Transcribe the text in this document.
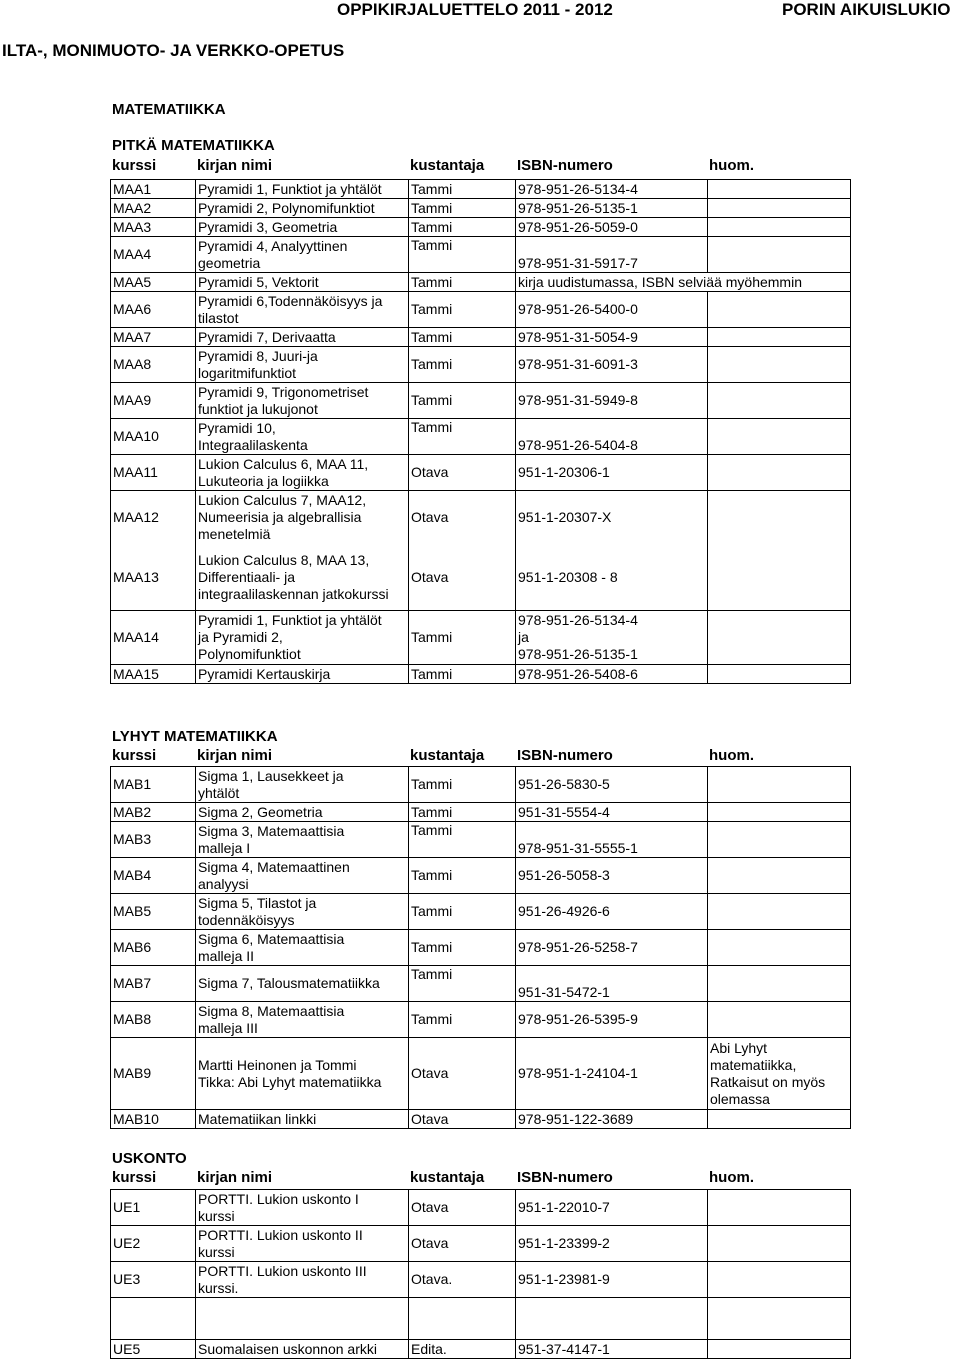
OPPIKIRJALUETTELO 2011 - 2012	PORIN AIKUISLUKIO
ILTA-, MONIMUOTO- JA VERKKO-OPETUS
MATEMATIIKKA
PITKÄ MATEMATIIKKA
kurssi	kirjan nimi	kustantaja ISBN-numero	huom.
MAA1	Pyramidi 1, Funktiot ja yhtälöt	Tammi	978-951-26-5134-4	
MAA2	Pyramidi 2, Polynomifunktiot	Tammi	978-951-26-5135-1	
MAA3	Pyramidi 3, Geometria	Tammi	978-951-26-5059-0	
MAA4	Pyramidi 4, Analyyttinen
geometria	Tammi	978-951-31-5917-7	
MAA5	Pyramidi 5, Vektorit	Tammi	kirja uudistumassa, ISBN selviää myöhemmin	
MAA6	Pyramidi 6,Todennäköisyys ja
tilastot	Tammi	978-951-26-5400-0	
MAA7	Pyramidi 7, Derivaatta	Tammi	978-951-31-5054-9	
MAA8	Pyramidi 8, Juuri-ja
logaritmifunktiot	Tammi	978-951-31-6091-3	
MAA9	Pyramidi 9, Trigonometriset
funktiot ja lukujonot	Tammi	978-951-31-5949-8	
MAA10	Pyramidi 10,
Integraalilaskenta	Tammi	978-951-26-5404-8	
MAA11	Lukion Calculus 6, MAA 11,
Lukuteoria ja logiikka	Otava	951-1-20306-1	
MAA12	Lukion Calculus 7, MAA12,
Numeerisia ja algebrallisia
menetelmiä	Otava	951-1-20307-X	
MAA13	Lukion Calculus 8, MAA 13,
Differentiaali- ja
integraalilaskennan jatkokurssi	Otava	951-1-20308 - 8	
MAA14	Pyramidi 1, Funktiot ja yhtälöt
ja Pyramidi 2,
Polynomifunktiot	Tammi	978-951-26-5134-4
ja
978-951-26-5135-1	
MAA15	Pyramidi Kertauskirja	Tammi	978-951-26-5408-6	
LYHYT MATEMATIIKKA
kurssi	kirjan nimi	kustantaja ISBN-numero	huom.
MAB1	Sigma 1, Lausekkeet ja
yhtälöt	Tammi	951-26-5830-5	
MAB2	Sigma 2, Geometria	Tammi	951-31-5554-4	
MAB3	Sigma 3, Matemaattisia
malleja I	Tammi	978-951-31-5555-1	
MAB4	Sigma 4, Matemaattinen
analyysi	Tammi	951-26-5058-3	
MAB5	Sigma 5, Tilastot ja
todennäköisyys	Tammi	951-26-4926-6	
MAB6	Sigma 6, Matemaattisia
malleja II	Tammi	978-951-26-5258-7	
MAB7	Sigma 7, Talousmatematiikka	Tammi	951-31-5472-1	
MAB8	Sigma 8, Matemaattisia
malleja III	Tammi	978-951-26-5395-9	
MAB9	Martti Heinonen ja Tommi
Tikka: Abi Lyhyt matematiikka	Otava	978-951-1-24104-1	Abi Lyhyt
matematiikka,
Ratkaisut on myös
olemassa
MAB10	Matematiikan linkki	Otava	978-951-122-3689	
USKONTO
kurssi	kirjan nimi	kustantaja ISBN-numero	huom.
UE1	PORTTI. Lukion uskonto I
kurssi	Otava	951-1-22010-7	
UE2	PORTTI. Lukion uskonto II
kurssi	Otava	951-1-23399-2	
UE3	PORTTI. Lukion uskonto III
kurssi.	Otava.	951-1-23981-9	

UE5	Suomalaisen uskonnon arkki	Edita.	951-37-4147-1	
